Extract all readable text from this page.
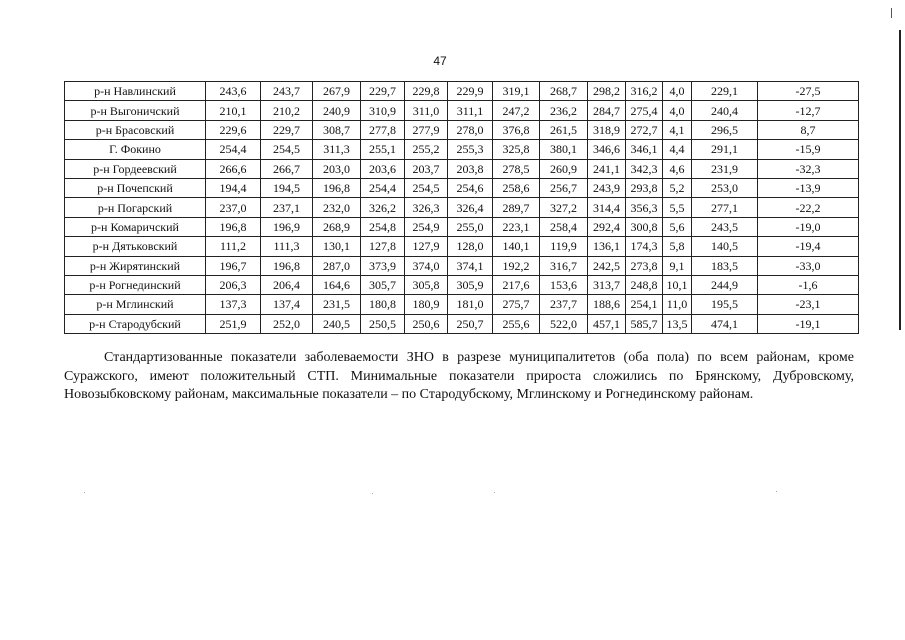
47
р-н Навлинский	243,6	243,7	267,9	229,7	229,8	229,9	319,1	268,7	298,2	316,2	4,0	229,1	-27,5
р-н Выгоничский	210,1	210,2	240,9	310,9	311,0	311,1	247,2	236,2	284,7	275,4	4,0	240,4	-12,7
р-н Брасовский	229,6	229,7	308,7	277,8	277,9	278,0	376,8	261,5	318,9	272,7	4,1	296,5	8,7
Г. Фокино	254,4	254,5	311,3	255,1	255,2	255,3	325,8	380,1	346,6	346,1	4,4	291,1	-15,9
р-н Гордеевский	266,6	266,7	203,0	203,6	203,7	203,8	278,5	260,9	241,1	342,3	4,6	231,9	-32,3
р-н Почепский	194,4	194,5	196,8	254,4	254,5	254,6	258,6	256,7	243,9	293,8	5,2	253,0	-13,9
р-н Погарский	237,0	237,1	232,0	326,2	326,3	326,4	289,7	327,2	314,4	356,3	5,5	277,1	-22,2
р-н Комаричский	196,8	196,9	268,9	254,8	254,9	255,0	223,1	258,4	292,4	300,8	5,6	243,5	-19,0
р-н Дятьковский	111,2	111,3	130,1	127,8	127,9	128,0	140,1	119,9	136,1	174,3	5,8	140,5	-19,4
р-н Жирятинский	196,7	196,8	287,0	373,9	374,0	374,1	192,2	316,7	242,5	273,8	9,1	183,5	-33,0
р-н Рогнединский	206,3	206,4	164,6	305,7	305,8	305,9	217,6	153,6	313,7	248,8	10,1	244,9	-1,6
р-н Мглинский	137,3	137,4	231,5	180,8	180,9	181,0	275,7	237,7	188,6	254,1	11,0	195,5	-23,1
р-н Стародубский	251,9	252,0	240,5	250,5	250,6	250,7	255,6	522,0	457,1	585,7	13,5	474,1	-19,1

Стандартизованные показатели заболеваемости ЗНО в разрезе муниципалитетов (оба пола) по всем районам, кроме Суражского, имеют положительный СТП. Минимальные показатели прироста сложились по Брянскому, Дубровскому, Новозыбковскому районам, максимальные показатели – по Стародубскому, Мглинскому и Рогнединскому районам.
